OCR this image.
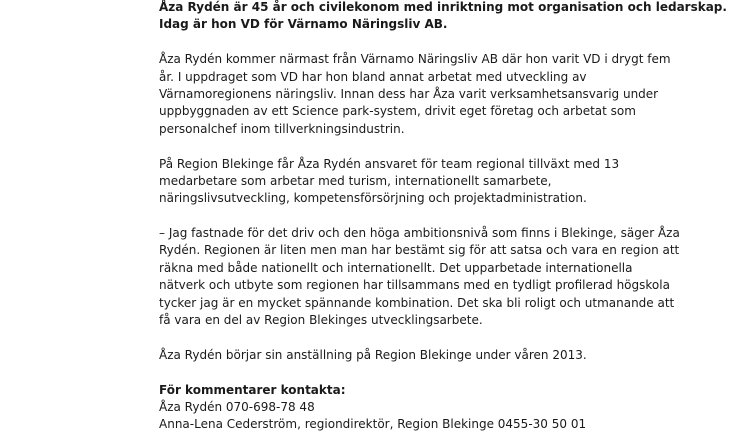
Åza Rydén är 45 år och civilekonom med inriktning mot organisation och ledarskap.
Idag är hon VD för Värnamo Näringsliv AB.
Åza Rydén kommer närmast från Värnamo Näringsliv AB där hon varit VD i drygt fem
år. I uppdraget som VD har hon bland annat arbetat med utveckling av
Värnamoregionens näringsliv. Innan dess har Åza varit verksamhetsansvarig under
uppbyggnaden av ett Science park-system, drivit eget företag och arbetat som
personalchef inom tillverkningsindustrin.
På Region Blekinge får Åza Rydén ansvaret för team regional tillväxt med 13
medarbetare som arbetar med turism, internationellt samarbete,
näringslivsutveckling, kompetensförsörjning och projektadministration.
– Jag fastnade för det driv och den höga ambitionsnivå som finns i Blekinge, säger Åza
Rydén. Regionen är liten men man har bestämt sig för att satsa och vara en region att
räkna med både nationellt och internationellt. Det upparbetade internationella
nätverk och utbyte som regionen har tillsammans med en tydligt profilerad högskola
tycker jag är en mycket spännande kombination. Det ska bli roligt och utmanande att
få vara en del av Region Blekinges utvecklingsarbete.
Åza Rydén börjar sin anställning på Region Blekinge under våren 2013.
För kommentarer kontakta:
Åza Rydén 070-698-78 48
Anna-Lena Cederström, regiondirektör, Region Blekinge 0455-30 50 01
